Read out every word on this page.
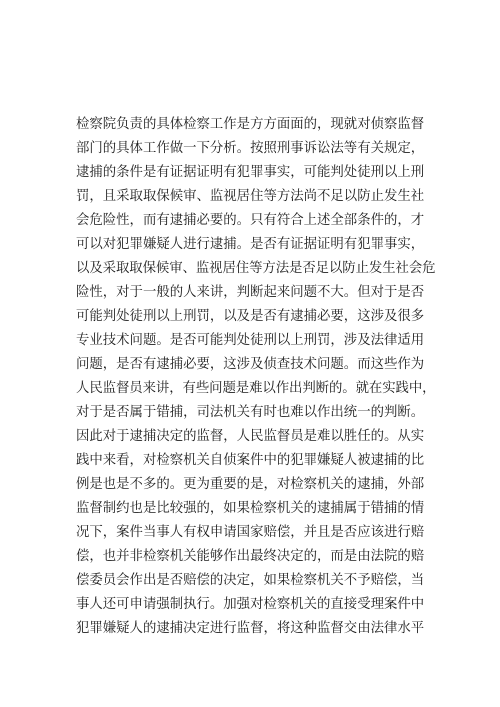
检察院负责的具体检察工作是方方面面的，现就对侦察监督
部门的具体工作做一下分析。按照刑事诉讼法等有关规定，
逮捕的条件是有证据证明有犯罪事实，可能判处徒刑以上刑
罚，且采取取保候审、监视居住等方法尚不足以防止发生社
会危险性，而有逮捕必要的。只有符合上述全部条件的，才
可以对犯罪嫌疑人进行逮捕。是否有证据证明有犯罪事实，
以及采取取保候审、监视居住等方法是否足以防止发生社会危
险性，对于一般的人来讲，判断起来问题不大。但对于是否
可能判处徒刑以上刑罚，以及是否有逮捕必要，这涉及很多
专业技术问题。是否可能判处徒刑以上刑罚，涉及法律适用
问题，是否有逮捕必要，这涉及侦查技术问题。而这些作为
人民监督员来讲，有些问题是难以作出判断的。就在实践中，
对于是否属于错捕，司法机关有时也难以作出统一的判断。
因此对于逮捕决定的监督，人民监督员是难以胜任的。从实
践中来看，对检察机关自侦案件中的犯罪嫌疑人被逮捕的比
例是也是不多的。更为重要的是，对检察机关的逮捕，外部
监督制约也是比较强的，如果检察机关的逮捕属于错捕的情
况下，案件当事人有权申请国家赔偿，并且是否应该进行赔
偿，也并非检察机关能够作出最终决定的，而是由法院的赔
偿委员会作出是否赔偿的决定，如果检察机关不予赔偿，当
事人还可申请强制执行。加强对检察机关的直接受理案件中
犯罪嫌疑人的逮捕决定进行监督，将这种监督交由法律水平
